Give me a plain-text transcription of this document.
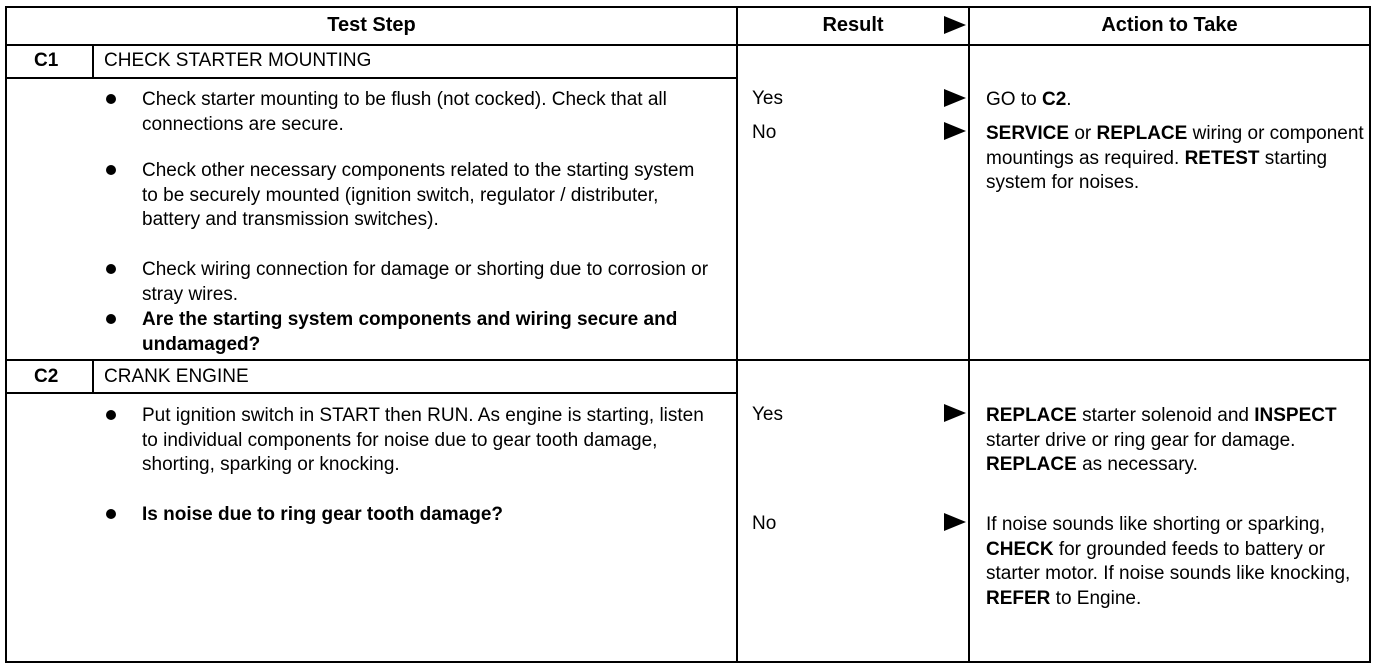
Test Step	Result	Action to Take
C1 CHECK STARTER MOUNTING
Check starter mounting to be flush (not cocked). Check that all connections are secure.
Check other necessary components related to the starting system to be securely mounted (ignition switch, regulator / distributer, battery and transmission switches).
Check wiring connection for damage or shorting due to corrosion or stray wires.
Are the starting system components and wiring secure and undamaged?
Yes	GO to C2.
No	SERVICE or REPLACE wiring or component mountings as required. RETEST starting system for noises.
C2 CRANK ENGINE
Put ignition switch in START then RUN. As engine is starting, listen to individual components for noise due to gear tooth damage, shorting, sparking or knocking.
Is noise due to ring gear tooth damage?
Yes	REPLACE starter solenoid and INSPECT starter drive or ring gear for damage. REPLACE as necessary.
No	If noise sounds like shorting or sparking, CHECK for grounded feeds to battery or starter motor. If noise sounds like knocking, REFER to Engine.
